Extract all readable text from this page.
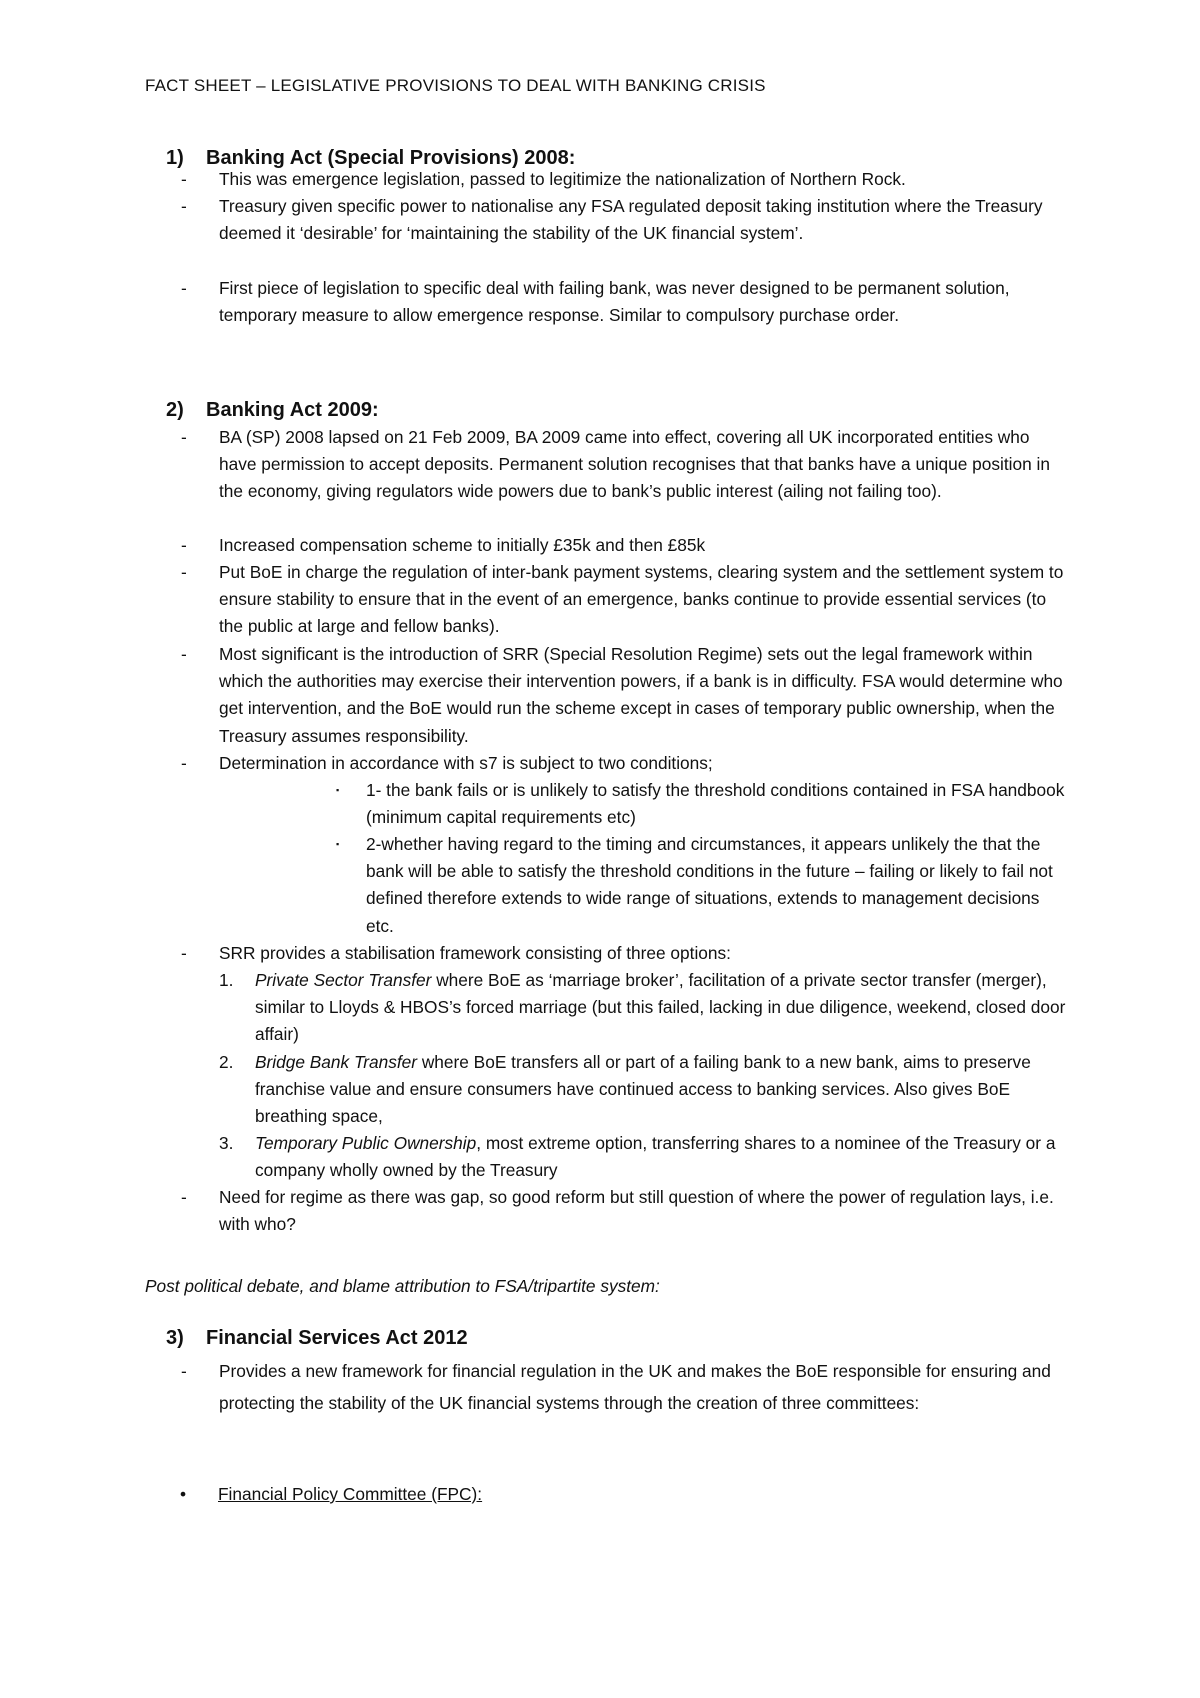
FACT SHEET – LEGISLATIVE PROVISIONS TO DEAL WITH BANKING CRISIS
1) Banking Act (Special Provisions) 2008:
- This was emergence legislation, passed to legitimize the nationalization of Northern Rock.
- Treasury given specific power to nationalise any FSA regulated deposit taking institution where the Treasury deemed it ‘desirable’ for ‘maintaining the stability of the UK financial system’.
- First piece of legislation to specific deal with failing bank, was never designed to be permanent solution, temporary measure to allow emergence response. Similar to compulsory purchase order.
2) Banking Act 2009:
- BA (SP) 2008 lapsed on 21 Feb 2009, BA 2009 came into effect, covering all UK incorporated entities who have permission to accept deposits. Permanent solution recognises that that banks have a unique position in the economy, giving regulators wide powers due to bank’s public interest (ailing not failing too).
- Increased compensation scheme to initially £35k and then £85k
- Put BoE in charge the regulation of inter-bank payment systems, clearing system and the settlement system to ensure stability to ensure that in the event of an emergence, banks continue to provide essential services (to the public at large and fellow banks).
- Most significant is the introduction of SRR (Special Resolution Regime) sets out the legal framework within which the authorities may exercise their intervention powers, if a bank is in difficulty. FSA would determine who get intervention, and the BoE would run the scheme except in cases of temporary public ownership, when the Treasury assumes responsibility.
- Determination in accordance with s7 is subject to two conditions;
▪ 1- the bank fails or is unlikely to satisfy the threshold conditions contained in FSA handbook (minimum capital requirements etc)
▪ 2-whether having regard to the timing and circumstances, it appears unlikely the that the bank will be able to satisfy the threshold conditions in the future – failing or likely to fail not defined therefore extends to wide range of situations, extends to management decisions etc.
- SRR provides a stabilisation framework consisting of three options:
1. Private Sector Transfer where BoE as ‘marriage broker’, facilitation of a private sector transfer (merger), similar to Lloyds & HBOS’s forced marriage (but this failed, lacking in due diligence, weekend, closed door affair)
2. Bridge Bank Transfer where BoE transfers all or part of a failing bank to a new bank, aims to preserve franchise value and ensure consumers have continued access to banking services. Also gives BoE breathing space,
3. Temporary Public Ownership, most extreme option, transferring shares to a nominee of the Treasury or a company wholly owned by the Treasury
- Need for regime as there was gap, so good reform but still question of where the power of regulation lays, i.e. with who?
Post political debate, and blame attribution to FSA/tripartite system:
3) Financial Services Act 2012
- Provides a new framework for financial regulation in the UK and makes the BoE responsible for ensuring and protecting the stability of the UK financial systems through the creation of three committees:
• Financial Policy Committee (FPC):
